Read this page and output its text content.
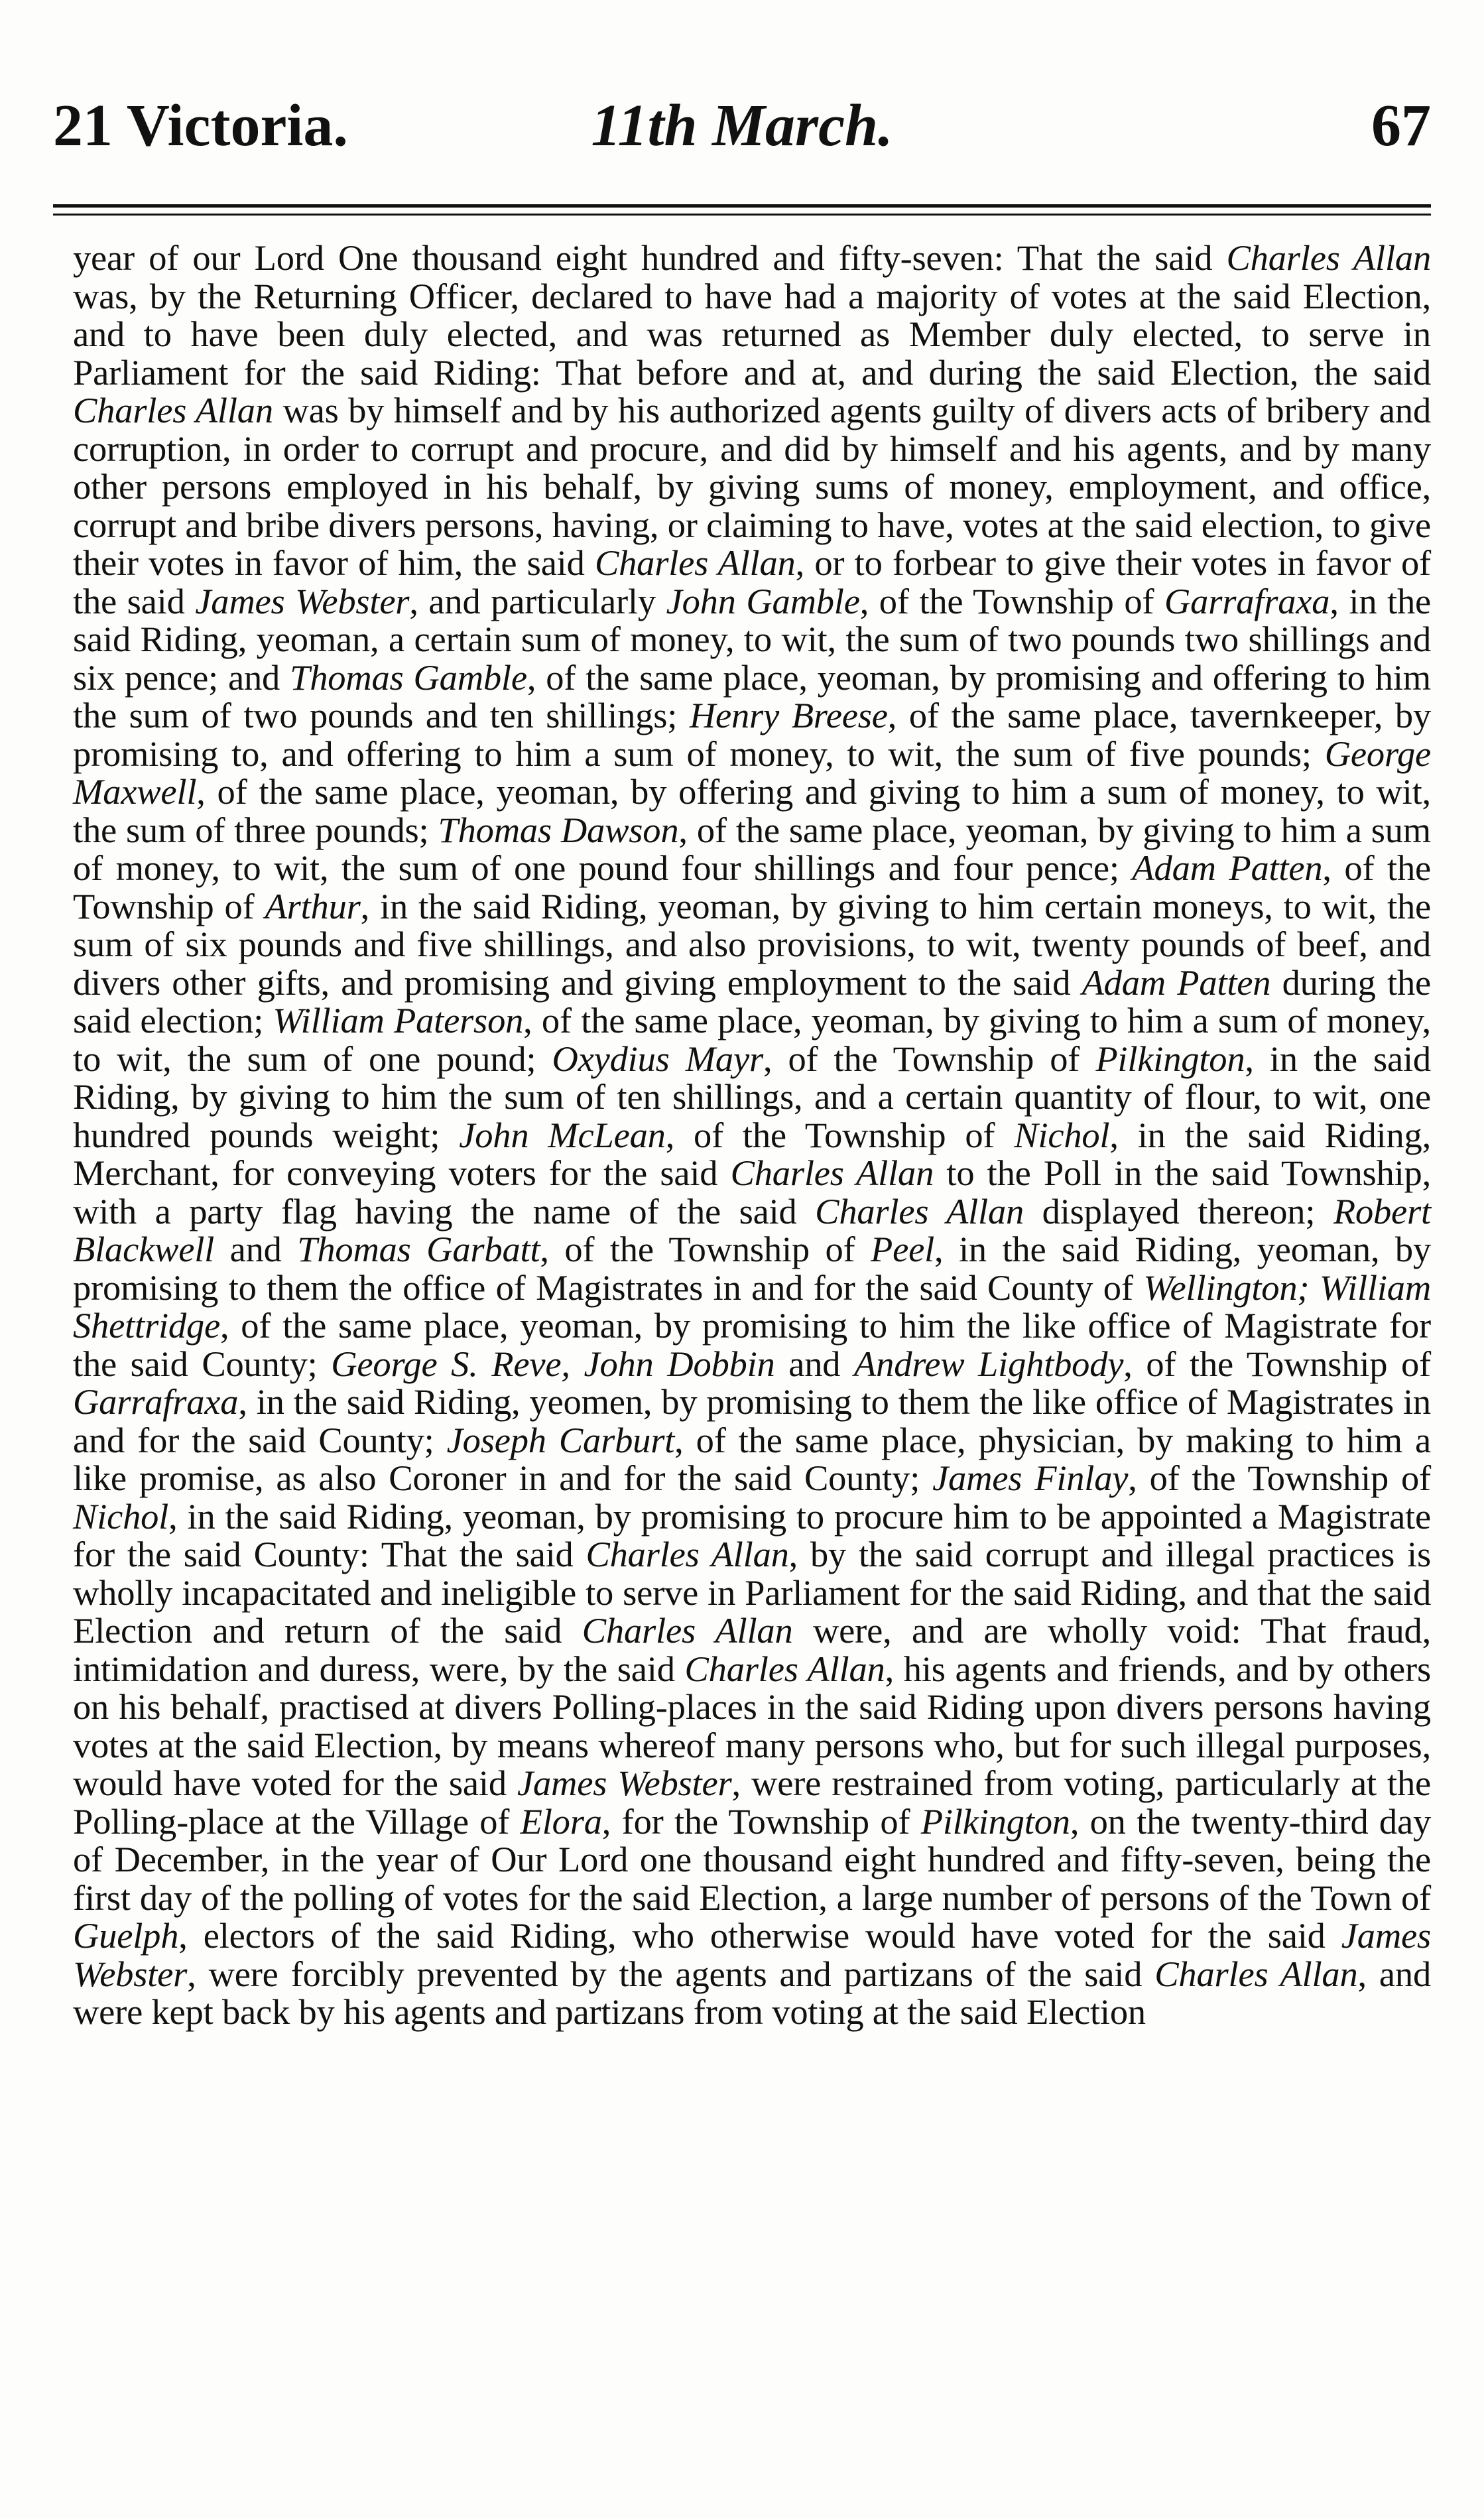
21 Victoria.	11th March.	67

year of our Lord One thousand eight hundred and fifty-seven: That the said Charles Allan was, by the Returning Officer, declared to have had a majority of votes at the said Election, and to have been duly elected, and was returned as Member duly elected, to serve in Parliament for the said Riding: That before and at, and during the said Election, the said Charles Allan was by himself and by his authorized agents guilty of divers acts of bribery and corruption, in order to corrupt and procure, and did by himself and his agents, and by many other persons employed in his behalf, by giving sums of money, employment, and office, corrupt and bribe divers persons, having, or claiming to have, votes at the said election, to give their votes in favor of him, the said Charles Allan, or to forbear to give their votes in favor of the said James Webster, and particularly John Gamble, of the Township of Garrafraxa, in the said Riding, yeoman, a certain sum of money, to wit, the sum of two pounds two shillings and six pence; and Thomas Gamble, of the same place, yeoman, by promising and offering to him the sum of two pounds and ten shillings; Henry Breese, of the same place, tavernkeeper, by promising to, and offering to him a sum of money, to wit, the sum of five pounds; George Maxwell, of the same place, yeoman, by offering and giving to him a sum of money, to wit, the sum of three pounds; Thomas Dawson, of the same place, yeoman, by giving to him a sum of money, to wit, the sum of one pound four shillings and four pence; Adam Patten, of the Township of Arthur, in the said Riding, yeoman, by giving to him certain moneys, to wit, the sum of six pounds and five shillings, and also provisions, to wit, twenty pounds of beef, and divers other gifts, and promising and giving employment to the said Adam Patten during the said election; William Paterson, of the same place, yeoman, by giving to him a sum of money, to wit, the sum of one pound; Oxydius Mayr, of the Township of Pilkington, in the said Riding, by giving to him the sum of ten shillings, and a certain quantity of flour, to wit, one hundred pounds weight; John McLean, of the Township of Nichol, in the said Riding, Merchant, for conveying voters for the said Charles Allan to the Poll in the said Township, with a party flag having the name of the said Charles Allan displayed thereon; Robert Blackwell and Thomas Garbatt, of the Township of Peel, in the said Riding, yeoman, by promising to them the office of Magistrates in and for the said County of Wellington; William Shettridge, of the same place, yeoman, by promising to him the like office of Magistrate for the said County; George S. Reve, John Dobbin and Andrew Lightbody, of the Township of Garrafraxa, in the said Riding, yeomen, by promising to them the like office of Magistrates in and for the said County; Joseph Carburt, of the same place, physician, by making to him a like promise, as also Coroner in and for the said County; James Finlay, of the Township of Nichol, in the said Riding, yeoman, by promising to procure him to be appointed a Magistrate for the said County: That the said Charles Allan, by the said corrupt and illegal practices is wholly incapacitated and ineligible to serve in Parliament for the said Riding, and that the said Election and return of the said Charles Allan were, and are wholly void: That fraud, intimidation and duress, were, by the said Charles Allan, his agents and friends, and by others on his behalf, practised at divers Polling-places in the said Riding upon divers persons having votes at the said Election, by means whereof many persons who, but for such illegal purposes, would have voted for the said James Webster, were restrained from voting, particularly at the Polling-place at the Village of Elora, for the Township of Pilkington, on the twenty-third day of December, in the year of Our Lord one thousand eight hundred and fifty-seven, being the first day of the polling of votes for the said Election, a large number of persons of the Town of Guelph, electors of the said Riding, who otherwise would have voted for the said James Webster, were forcibly prevented by the agents and partizans of the said Charles Allan, and were kept back by his agents and partizans from voting at the said Election
